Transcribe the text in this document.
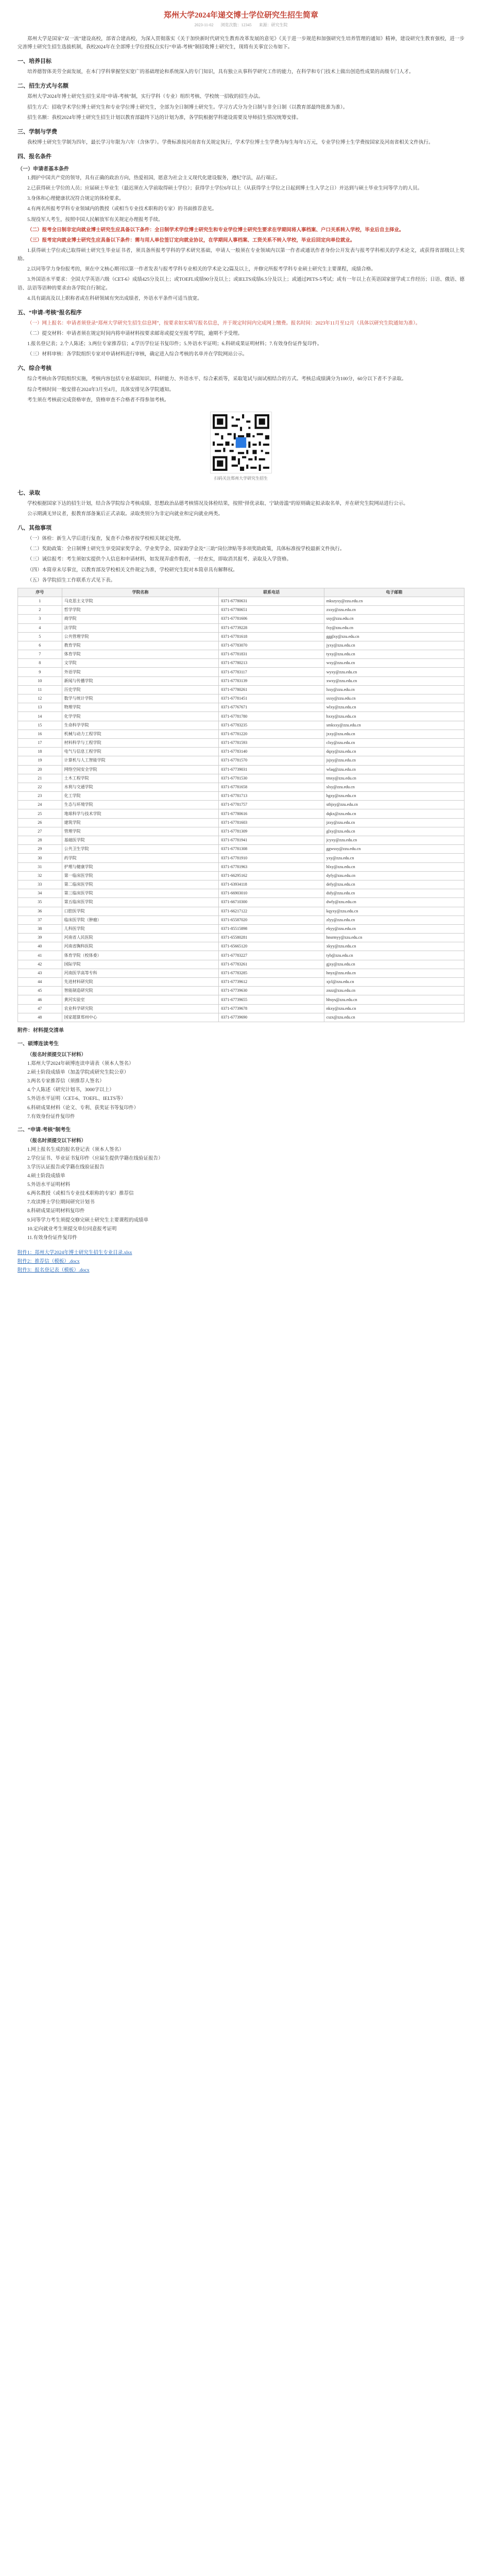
郑州大学2024年递交博士学位研究生招生简章
2023-11-02 浏览次数：12345 来源：研究生院

郑州大学是国家“双一流”建设高校，部省合建高校，为深入贯彻落实《关于加快新时代研究生教育改革发展的意见》《关于进一步规范和加强研究生培养管理的通知》精神，建设研究生教育强校，进一步完善博士研究生招生选拔机制，我校2024年在全部博士学位授权点实行“申请-考核”制招收博士研究生，现将有关事宜公布如下。

一、培养目标

培养德智体美劳全面发展，在本门学科掌握坚实宽广的基础理论和系统深入的专门知识，具有独立从事科学研究工作的能力，在科学和专门技术上做出创造性成果的高级专门人才。

二、招生方式与名额

郑州大学2024年博士研究生招生采用“申请-考核”制，实行学科（专业）组织考核、学校统一招收的招生办法。

招生方式：招收学术学位博士研究生和专业学位博士研究生，全部为全日制博士研究生。学习方式分为全日制与非全日制（以教育部最终批准为准）。

招生名额：我校2024年博士研究生招生计划以教育部最终下达的计划为准，各学院根据学科建设需要及导师招生情况统筹安排。

三、学制与学费

我校博士研究生学制为四年，最长学习年限为六年（含休学）。学费标准按河南省有关规定执行，学术学位博士生学费为每生每年1万元，专业学位博士生学费按国家及河南省相关文件执行。

四、报名条件
（一）申请者基本条件

1.拥护中国共产党的领导，具有正确的政治方向，热爱祖国，愿意为社会主义现代化建设服务，遵纪守法，品行端正。

2.已获得硕士学位的人员；应届硕士毕业生（最迟须在入学前取得硕士学位）；获得学士学位6年以上（从获得学士学位之日起到博士生入学之日）并达到与硕士毕业生同等学力的人员。

3.身体和心理健康状况符合规定的体检要求。

4.有两名所报考学科专业领域内的教授（或相当专业技术职称的专家）的书面推荐意见。

5.现役军人考生，按照中国人民解放军有关规定办理报考手续。

（二）报考全日制非定向就业博士研究生应具备以下条件：全日制学术学位博士研究生和专业学位博士研究生要求在学期间将人事档案、户口关系转入学校，毕业后自主择业。

（三）报考定向就业博士研究生应具备以下条件：需与用人单位签订定向就业协议，在学期间人事档案、工资关系不转入学校，毕业后回定向单位就业。

1.获得硕士学位或已取得硕士研究生毕业证书者，须具备所报考学科的学术研究基础，申请人一般须在专业领域内以第一作者或通讯作者身份公开发表与报考学科相关的学术论文，或获得省部级以上奖励。

2.以同等学力身份报考的，须在中文核心期刊以第一作者发表与报考学科专业相关的学术论文2篇及以上，并修完所报考学科专业硕士研究生主要课程，成绩合格。

3.外国语水平要求：全国大学英语六级（CET-6）成绩425分及以上；或TOEFL成绩90分及以上；或IELTS成绩6.5分及以上；或通过PETS-5考试；或有一年以上在英语国家留学或工作经历；日语、俄语、德语、法语等语种的要求由各学院自行制定。

4.具有副高及以上职称者或在科研领域有突出成绩者，外语水平条件可适当放宽。

五、“申请-考核”报名程序

（一）网上报名：申请者须登录“郑州大学研究生招生信息网”，按要求如实填写报名信息，并于规定时间内完成网上缴费。报名时间：2023年11月至12月（具体以研究生院通知为准）。

（二）提交材料：申请者须在规定时间内将申请材料按要求邮寄或提交至报考学院，逾期不予受理。

1.报名登记表；2.个人陈述；3.两位专家推荐信；4.学历学位证书复印件；5.外语水平证明；6.科研成果证明材料；7.有效身份证件复印件。

（三）材料审核：各学院组织专家对申请材料进行审核，确定进入综合考核的名单并在学院网站公示。

六、综合考核

综合考核由各学院组织实施，考核内容包括专业基础知识、科研能力、外语水平、综合素质等，采取笔试与面试相结合的方式。考核总成绩满分为100分，60分以下者不予录取。

综合考核时间一般安排在2024年3月至4月，具体安排见各学院通知。

考生须在考核前完成资格审查，资格审查不合格者不得参加考核。

扫码关注郑州大学研究生招生
七、录取

学校根据国家下达的招生计划，结合各学院综合考核成绩、思想政治品德考核情况及体检结果，按照“择优录取、宁缺毋滥”的原则确定拟录取名单，并在研究生院网站进行公示。

公示期满无异议者，报教育部备案后正式录取。录取类别分为非定向就业和定向就业两类。

八、其他事项

（一）体检：新生入学后进行复查，复查不合格者按学校相关规定处理。

（二）奖助政策：全日制博士研究生享受国家奖学金、学业奖学金、国家助学金及“三助”岗位津贴等多项奖助政策，具体标准按学校最新文件执行。

（三）诚信报考：考生须如实提供个人信息和申请材料，如发现弄虚作假者，一经查实，即取消其报考、录取及入学资格。

（四）本简章未尽事宜，以教育部及学校相关文件规定为准，学校研究生院对本简章具有解释权。

（五）各学院招生工作联系方式见下表。

序号	学院名称	联系电话	电子邮箱
1	马克思主义学院	0371-67780631	mkszyxy@zzu.edu.cn
2	哲学学院	0371-67780651	zxxy@zzu.edu.cn
3	商学院	0371-67781606	sxy@zzu.edu.cn
4	法学院	0371-67739228	fxy@zzu.edu.cn
5	公共管理学院	0371-67781618	ggglxy@zzu.edu.cn
6	教育学院	0371-67783070	jyxy@zzu.edu.cn
7	体育学院	0371-67781831	tyxy@zzu.edu.cn
8	文学院	0371-67780213	wxy@zzu.edu.cn
9	外语学院	0371-67783117	wyxy@zzu.edu.cn
10	新闻与传播学院	0371-67783139	xwxy@zzu.edu.cn
11	历史学院	0371-67780261	lsxy@zzu.edu.cn
12	数学与统计学院	0371-67781451	sxxy@zzu.edu.cn
13	物理学院	0371-67767671	wlxy@zzu.edu.cn
14	化学学院	0371-67781780	hxxy@zzu.edu.cn
15	生命科学学院	0371-67783235	smkxxy@zzu.edu.cn
16	机械与动力工程学院	0371-67781220	jxxy@zzu.edu.cn
17	材料科学与工程学院	0371-67781593	clxy@zzu.edu.cn
18	电气与信息工程学院	0371-67783140	dqxy@zzu.edu.cn
19	计算机与人工智能学院	0371-67781570	jsjxy@zzu.edu.cn
20	网络空间安全学院	0371-67739031	wlaq@zzu.edu.cn
21	土木工程学院	0371-67781530	tmxy@zzu.edu.cn
22	水利与交通学院	0371-67781658	slxy@zzu.edu.cn
23	化工学院	0371-67781713	hgxy@zzu.edu.cn
24	生态与环境学院	0371-67781757	sthjxy@zzu.edu.cn
25	地球科学与技术学院	0371-67780616	dqkx@zzu.edu.cn
26	建筑学院	0371-67781603	jzxy@zzu.edu.cn
27	管理学院	0371-67781309	glxy@zzu.edu.cn
28	基础医学院	0371-67781941	jcyxy@zzu.edu.cn
29	公共卫生学院	0371-67781308	ggwsxy@zzu.edu.cn
30	药学院	0371-67781910	yxy@zzu.edu.cn
31	护理与健康学院	0371-67781963	hlxy@zzu.edu.cn
32	第一临床医学院	0371-66295162	dyfy@zzu.edu.cn
33	第二临床医学院	0371-63934118	defy@zzu.edu.cn
34	第三临床医学院	0371-66903010	dsfy@zzu.edu.cn
35	第五临床医学院	0371-66710300	dwfy@zzu.edu.cn
36	口腔医学院	0371-66217122	kqyxy@zzu.edu.cn
37	临床医学院（肿瘤）	0371-65587020	zlyy@zzu.edu.cn
38	儿科医学院	0371-85515898	ekyy@zzu.edu.cn
39	河南省人民医院	0371-65580281	hnsrmyy@zzu.edu.cn
40	河南省胸科医院	0371-65665120	xkyy@zzu.edu.cn
41	体育学院（校体委）	0371-67783227	tyb@zzu.edu.cn
42	国际学院	0371-67783261	gjxy@zzu.edu.cn
43	河南医学高等专科	0371-67783285	hnyz@zzu.edu.cn
44	先进材料研究院	0371-67739612	xjcl@zzu.edu.cn
45	智能制造研究院	0371-67739630	znzz@zzu.edu.cn
46	黄河实验室	0371-67739655	hhsys@zzu.edu.cn
47	农业科学研究院	0371-67739678	nkxy@zzu.edu.cn
48	国家超算郑州中心	0371-67739690	cszx@zzu.edu.cn
附件：材料提交清单
一、硕博连读考生
（报名时须提交以下材料）
1.郑州大学2024年硕博连读申请表（须本人签名）
2.硕士阶段成绩单（加盖学院或研究生院公章）
3.两名专家推荐信（须推荐人签名）
4.个人陈述（研究计划书，3000字以上）
5.外语水平证明（CET-6、TOEFL、IELTS等）
6.科研成果材料（论文、专利、获奖证书等复印件）
7.有效身份证件复印件
二、“申请-考核”制考生
（报名时须提交以下材料）
1.网上报名生成的报名登记表（须本人签名）
2.学位证书、毕业证书复印件（应届生提供学籍在线验证报告）
3.学历认证报告或学籍在线验证报告
4.硕士阶段成绩单
5.外语水平证明材料
6.两名教授（或相当专业技术职称的专家）推荐信
7.攻读博士学位期间研究计划书
8.科研成果证明材料复印件
9.同等学力考生须提交修完硕士研究生主要课程的成绩单
10.定向就业考生须提交单位同意报考证明
11.有效身份证件复印件
附件1：郑州大学2024年博士研究生招生专业目录.xlsx
附件2：推荐信（模板）.docx
附件3：报名登记表（模板）.docx
